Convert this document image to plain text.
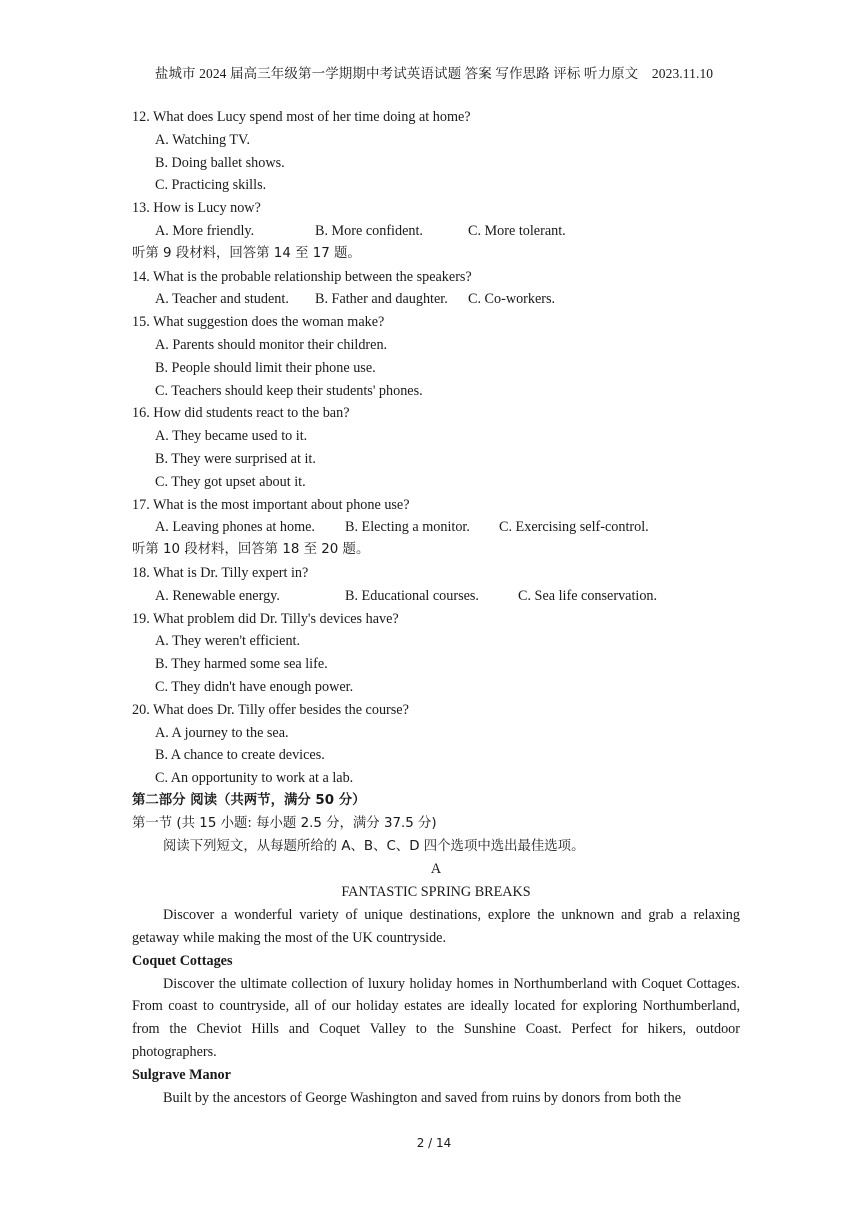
盐城市 2024 届高三年级第一学期期中考试英语试题 答案 写作思路 评标 听力原文　2023.11.10
12. What does Lucy spend most of her time doing at home?
A. Watching TV.
B. Doing ballet shows.
C. Practicing skills.
13. How is Lucy now?
A. More friendly.	B. More confident.	C. More tolerant.
听第 9 段材料，回答第 14 至 17 题。
14. What is the probable relationship between the speakers?
A. Teacher and student.	B. Father and daughter.	C. Co-workers.
15. What suggestion does the woman make?
A. Parents should monitor their children.
B. People should limit their phone use.
C. Teachers should keep their students' phones.
16. How did students react to the ban?
A. They became used to it.
B. They were surprised at it.
C. They got upset about it.
17. What is the most important about phone use?
A. Leaving phones at home.	B. Electing a monitor.	C. Exercising self-control.
听第 10 段材料，回答第 18 至 20 题。
18. What is Dr. Tilly expert in?
A. Renewable energy.	B. Educational courses.	C. Sea life conservation.
19. What problem did Dr. Tilly's devices have?
A. They weren't efficient.
B. They harmed some sea life.
C. They didn't have enough power.
20. What does Dr. Tilly offer besides the course?
A. A journey to the sea.
B. A chance to create devices.
C. An opportunity to work at a lab.
第二部分 阅读（共两节，满分 50 分）
第一节 (共 15 小题: 每小题 2.5 分，满分 37.5 分)
阅读下列短文，从每题所给的 A、B、C、D 四个选项中选出最佳选项。
A
FANTASTIC SPRING BREAKS
Discover a wonderful variety of unique destinations, explore the unknown and grab a relaxing getaway while making the most of the UK countryside.
Coquet Cottages
Discover the ultimate collection of luxury holiday homes in Northumberland with Coquet Cottages. From coast to countryside, all of our holiday estates are ideally located for exploring Northumberland, from the Cheviot Hills and Coquet Valley to the Sunshine Coast. Perfect for hikers, outdoor photographers.
Sulgrave Manor
Built by the ancestors of George Washington and saved from ruins by donors from both the
2 / 14
